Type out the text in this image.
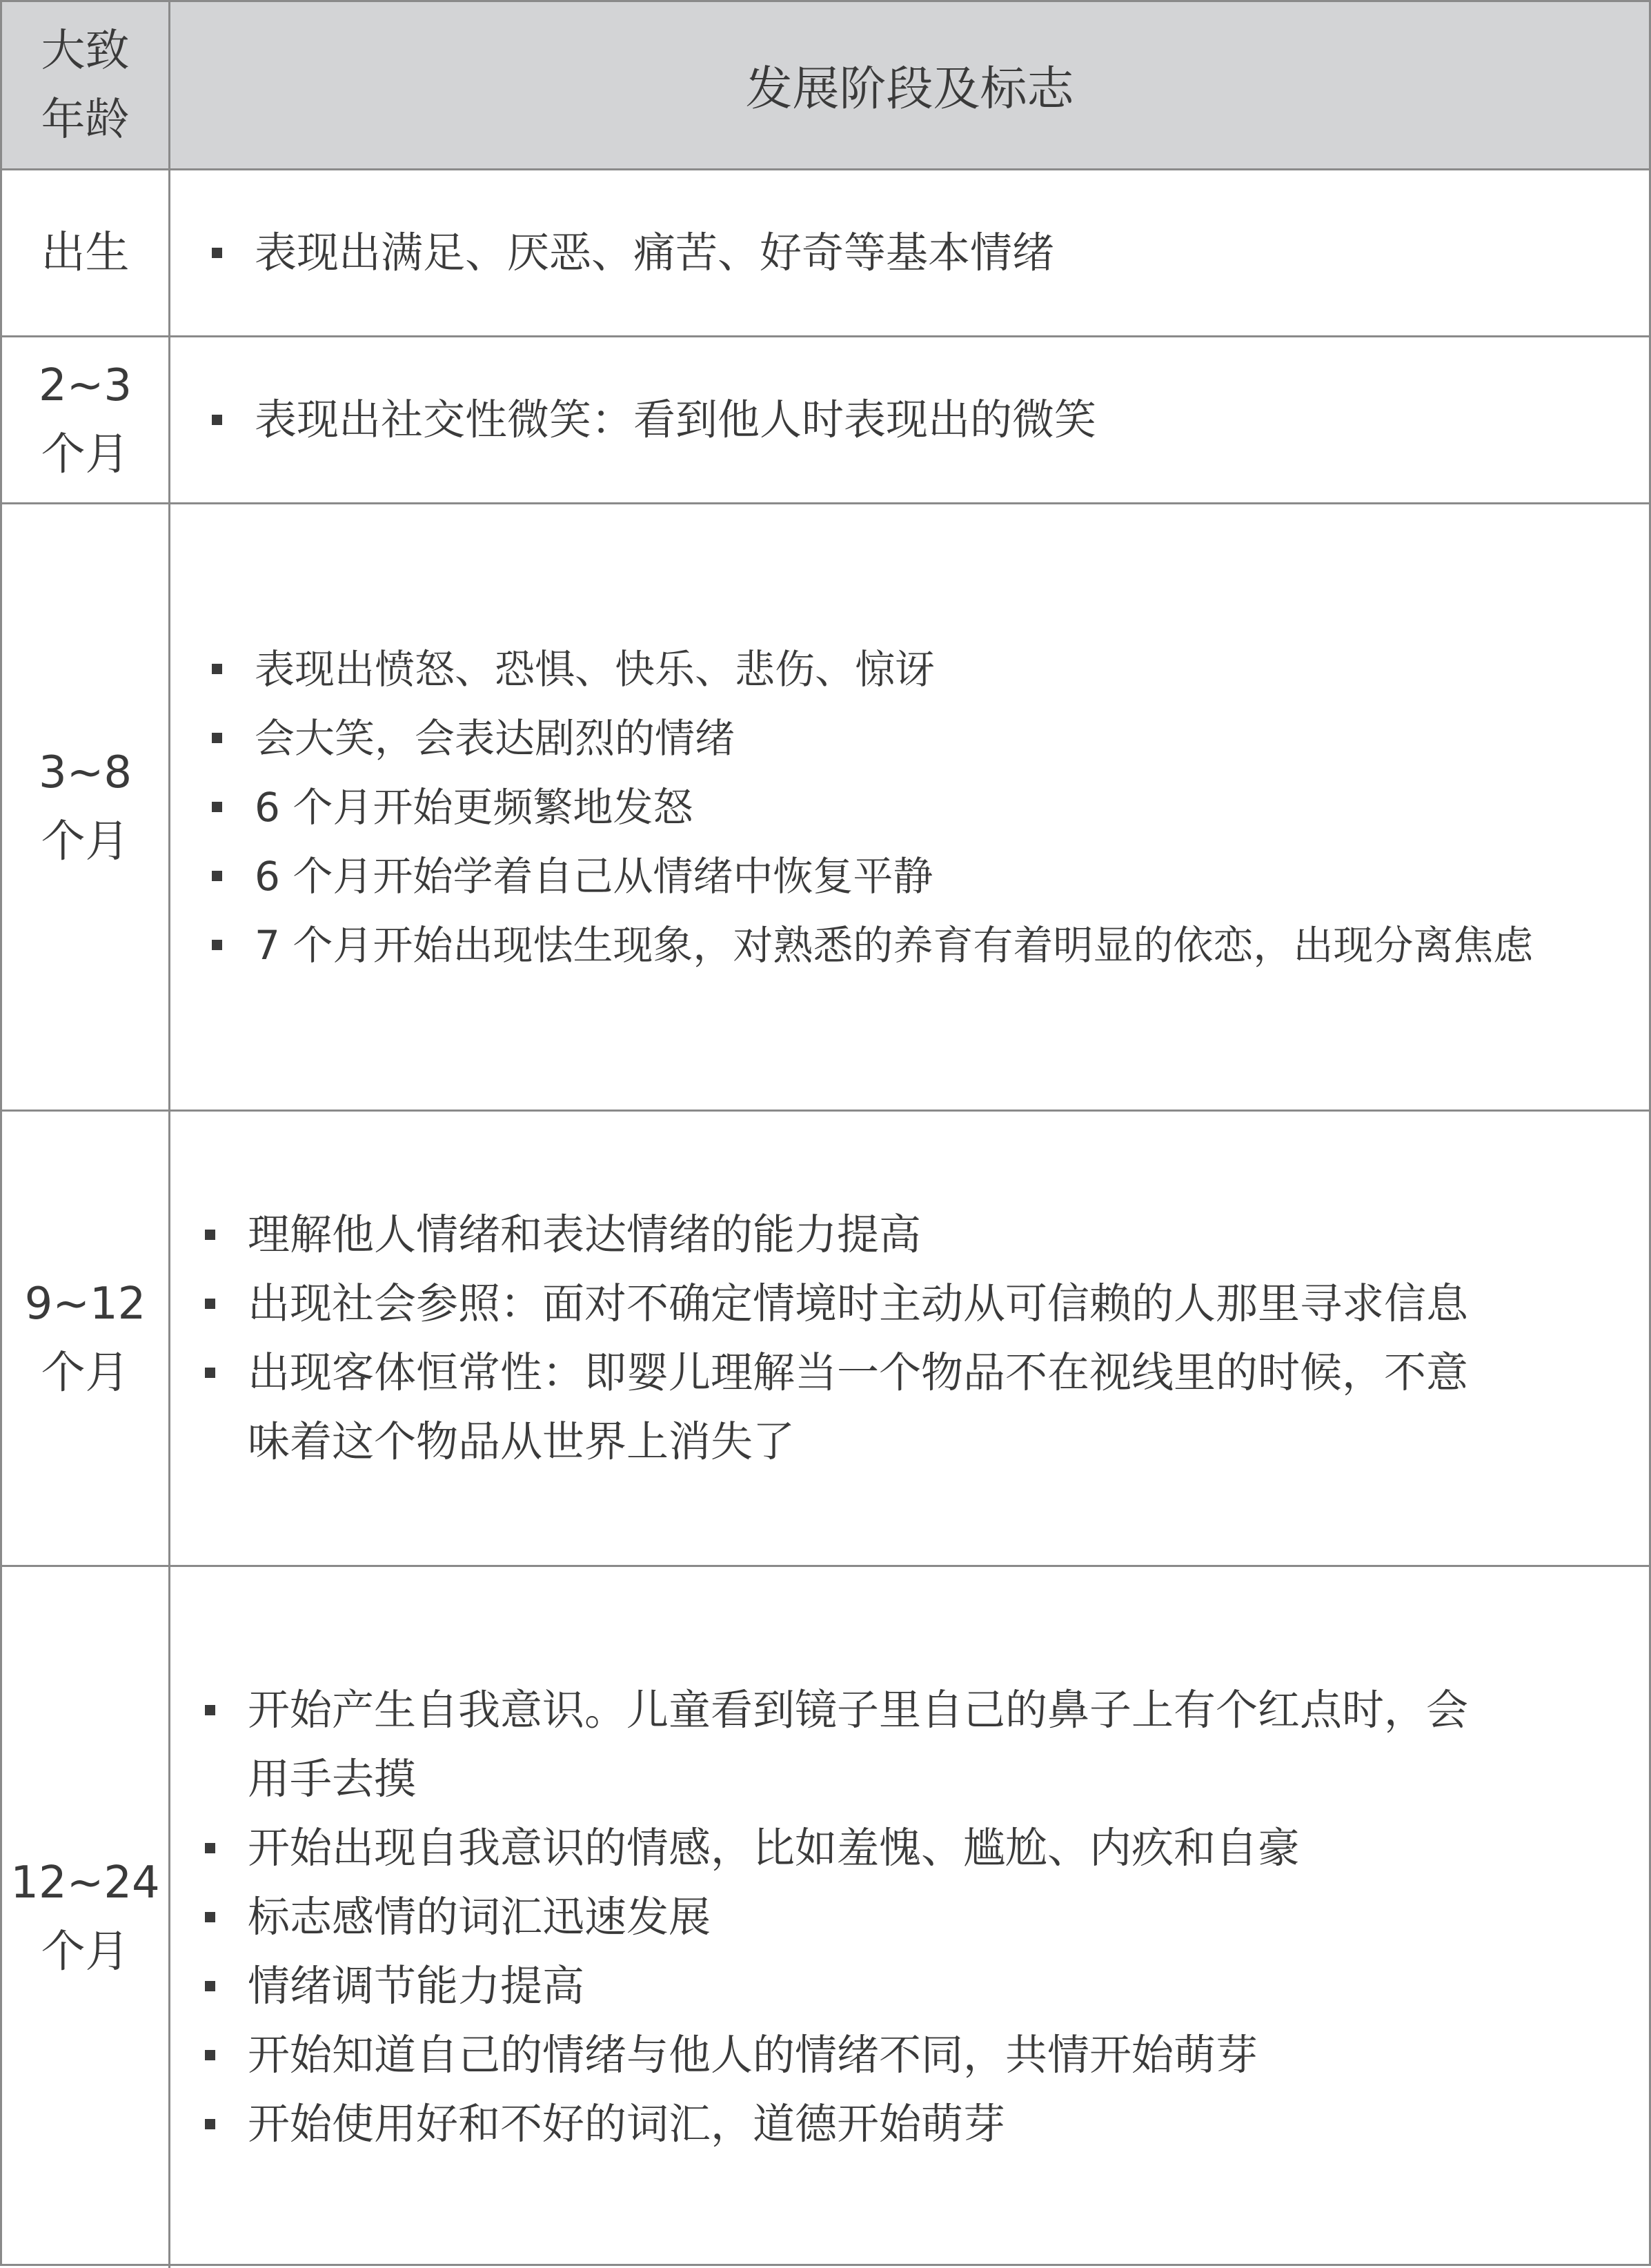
大致
年龄
发展阶段及标志
出生	表现出满足、厌恶、痛苦、好奇等基本情绪
2~3
个月
表现出社交性微笑：看到他人时表现出的微笑
3~8
个月
表现出愤怒、恐惧、快乐、悲伤、惊讶
会大笑，会表达剧烈的情绪
6 个月开始更频繁地发怒
6 个月开始学着自己从情绪中恢复平静
7 个月开始出现怯生现象，对熟悉的养育有着明显的依恋，出现分离焦虑
9~12
个月
理解他人情绪和表达情绪的能力提高
出现社会参照：面对不确定情境时主动从可信赖的人那里寻求信息
出现客体恒常性：即婴儿理解当一个物品不在视线里的时候，不意
味着这个物品从世界上消失了
12~24
个月
开始产生自我意识。儿童看到镜子里自己的鼻子上有个红点时，会
用手去摸
开始出现自我意识的情感，比如羞愧、尴尬、内疚和自豪
标志感情的词汇迅速发展
情绪调节能力提高
开始知道自己的情绪与他人的情绪不同，共情开始萌芽
开始使用好和不好的词汇，道德开始萌芽
